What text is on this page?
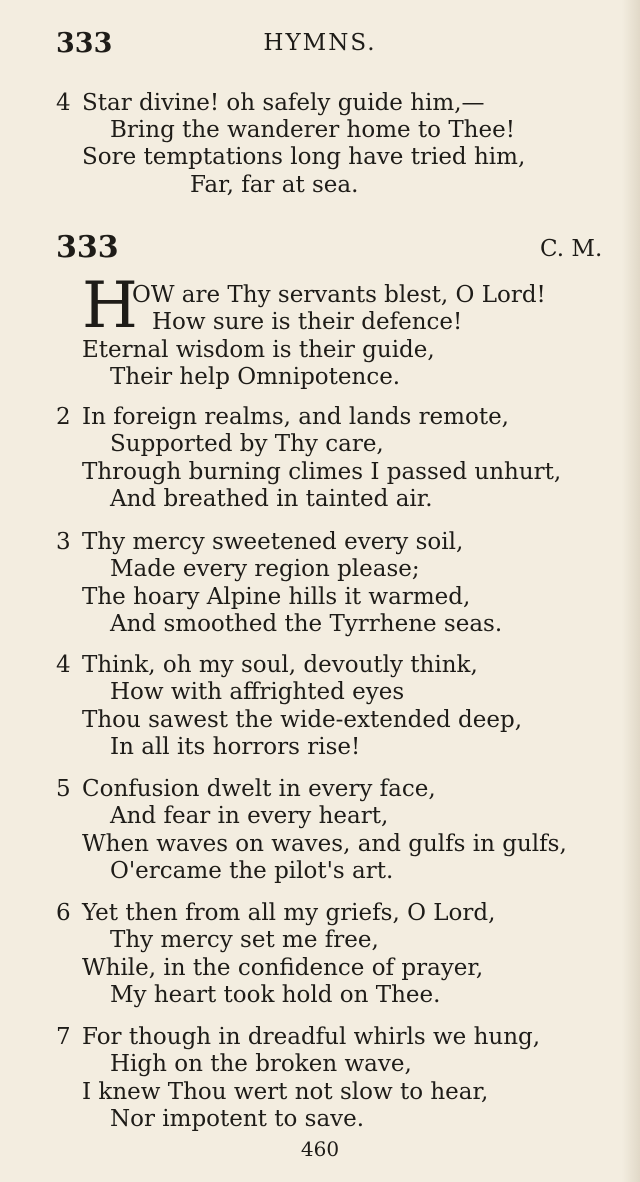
333	HYMNS.
4 Star divine! oh safely guide him,—
Bring the wanderer home to Thee!
Sore temptations long have tried him,
Far, far at sea.
333	C. M.
H
OW are Thy servants blest, O Lord!
How sure is their defence!
Eternal wisdom is their guide,
Their help Omnipotence.
2 In foreign realms, and lands remote,
Supported by Thy care,
Through burning climes I passed unhurt,
And breathed in tainted air.
3 Thy mercy sweetened every soil,
Made every region please;
The hoary Alpine hills it warmed,
And smoothed the Tyrrhene seas.
4 Think, oh my soul, devoutly think,
How with affrighted eyes
Thou sawest the wide-extended deep,
In all its horrors rise!
5 Confusion dwelt in every face,
And fear in every heart,
When waves on waves, and gulfs in gulfs,
O'ercame the pilot's art.
6 Yet then from all my griefs, O Lord,
Thy mercy set me free,
While, in the confidence of prayer,
My heart took hold on Thee.
7 For though in dreadful whirls we hung,
High on the broken wave,
I knew Thou wert not slow to hear,
Nor impotent to save.
460
